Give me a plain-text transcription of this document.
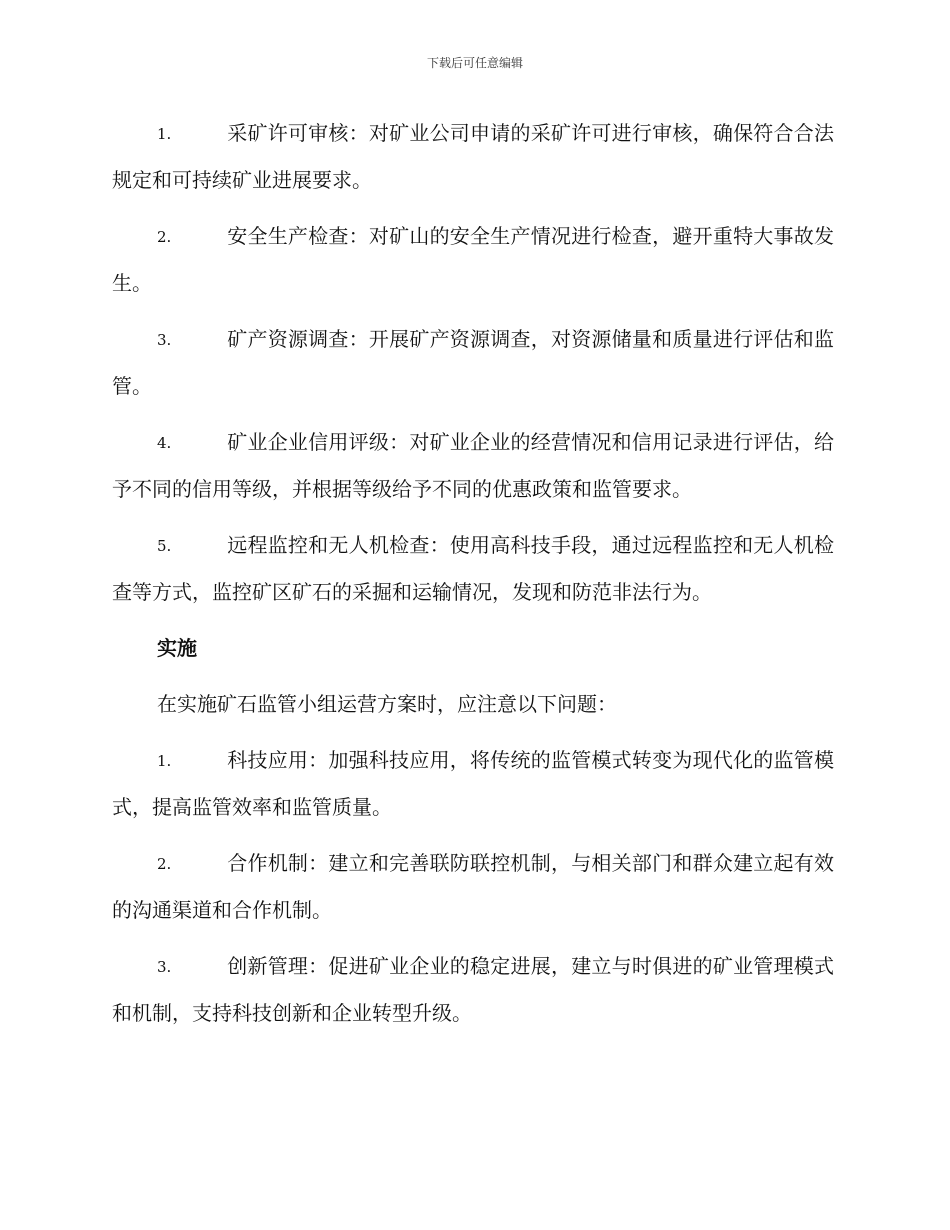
下载后可任意编辑

1.	采矿许可审核：对矿业公司申请的采矿许可进行审核，确保符合合法规定和可持续矿业进展要求。

2.	安全生产检查：对矿山的安全生产情况进行检查，避开重特大事故发生。

3.	矿产资源调查：开展矿产资源调查，对资源储量和质量进行评估和监管。

4.	矿业企业信用评级：对矿业企业的经营情况和信用记录进行评估，给予不同的信用等级，并根据等级给予不同的优惠政策和监管要求。

5.	远程监控和无人机检查：使用高科技手段，通过远程监控和无人机检查等方式，监控矿区矿石的采掘和运输情况，发现和防范非法行为。

实施

在实施矿石监管小组运营方案时，应注意以下问题：

1.	科技应用：加强科技应用，将传统的监管模式转变为现代化的监管模式，提高监管效率和监管质量。

2.	合作机制：建立和完善联防联控机制，与相关部门和群众建立起有效的沟通渠道和合作机制。

3.	创新管理：促进矿业企业的稳定进展，建立与时俱进的矿业管理模式和机制，支持科技创新和企业转型升级。
